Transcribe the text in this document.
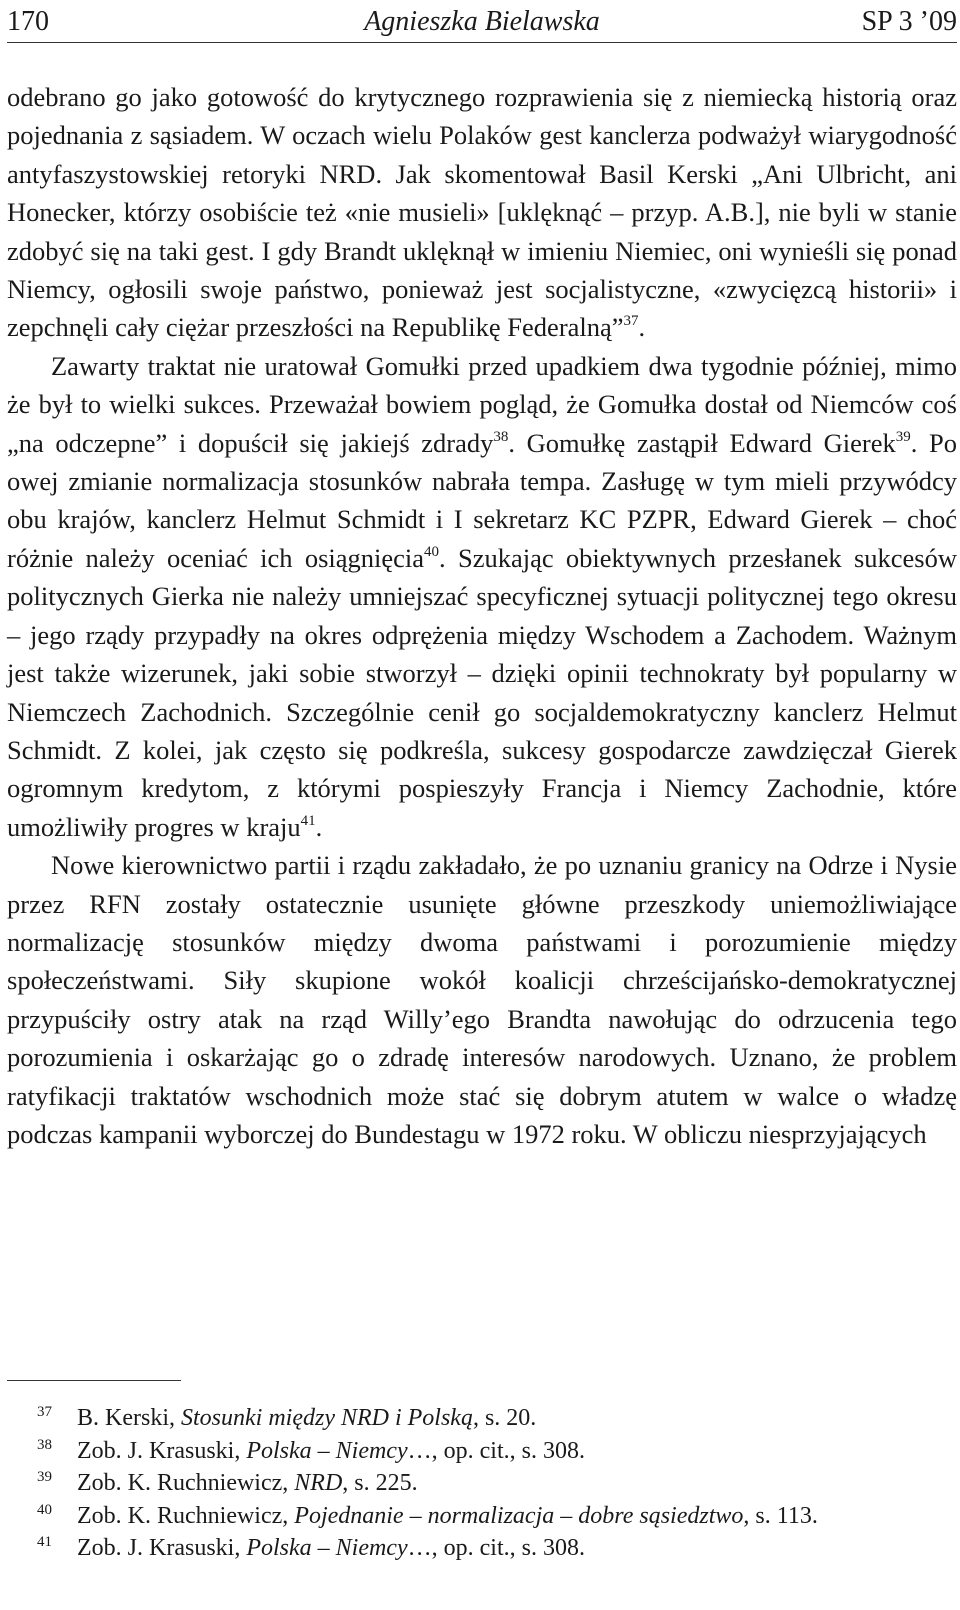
170	Agnieszka Bielawska	SP 3 ’09

odebrano go jako gotowość do krytycznego rozprawienia się z niemiecką historią oraz pojednania z sąsiadem. W oczach wielu Polaków gest kanclerza podważył wiarygodność antyfaszystowskiej retoryki NRD. Jak skomentował Basil Kerski „Ani Ulbricht, ani Honecker, którzy osobiście też «nie musieli» [uklęknąć – przyp. A.B.], nie byli w stanie zdobyć się na taki gest. I gdy Brandt uklęknął w imieniu Niemiec, oni wynieśli się ponad Niemcy, ogłosili swoje państwo, ponieważ jest socjalistyczne, «zwycięzcą historii» i zepchnęli cały ciężar przeszłości na Republikę Federalną”$^{37}$.

Zawarty traktat nie uratował Gomułki przed upadkiem dwa tygodnie później, mimo że był to wielki sukces. Przeważał bowiem pogląd, że Gomułka dostał od Niemców coś „na odczepne” i dopuścił się jakiejś zdrady$^{38}$. Gomułkę zastąpił Edward Gierek$^{39}$. Po owej zmianie normalizacja stosunków nabrała tempa. Zasługę w tym mieli przywódcy obu krajów, kanclerz Helmut Schmidt i I sekretarz KC PZPR, Edward Gierek – choć różnie należy oceniać ich osiągnięcia$^{40}$. Szukając obiektywnych przesłanek sukcesów politycznych Gierka nie należy umniejszać specyficznej sytuacji politycznej tego okresu – jego rządy przypadły na okres odprężenia między Wschodem a Zachodem. Ważnym jest także wizerunek, jaki sobie stworzył – dzięki opinii technokraty był popularny w Niemczech Zachodnich. Szczególnie cenił go socjaldemokratyczny kanclerz Helmut Schmidt. Z kolei, jak często się podkreśla, sukcesy gospodarcze zawdzięczał Gierek ogromnym kredytom, z którymi pospieszyły Francja i Niemcy Zachodnie, które umożliwiły progres w kraju$^{41}$.

Nowe kierownictwo partii i rządu zakładało, że po uznaniu granicy na Odrze i Nysie przez RFN zostały ostatecznie usunięte główne przeszkody uniemożliwiające normalizację stosunków między dwoma państwami i porozumienie między społeczeństwami. Siły skupione wokół koalicji chrześcijańsko-demokratycznej przypuściły ostry atak na rząd Willy’ego Brandta nawołując do odrzucenia tego porozumienia i oskarżając go o zdradę interesów narodowych. Uznano, że problem ratyfikacji traktatów wschodnich może stać się dobrym atutem w walce o władzę podczas kampanii wyborczej do Bundestagu w 1972 roku. W obliczu niesprzyjających

37 B. Kerski, Stosunki między NRD i Polską, s. 20.
38 Zob. J. Krasuski, Polska – Niemcy…, op. cit., s. 308.
39 Zob. K. Ruchniewicz, NRD, s. 225.
40 Zob. K. Ruchniewicz, Pojednanie – normalizacja – dobre sąsiedztwo, s. 113.
41 Zob. J. Krasuski, Polska – Niemcy…, op. cit., s. 308.
